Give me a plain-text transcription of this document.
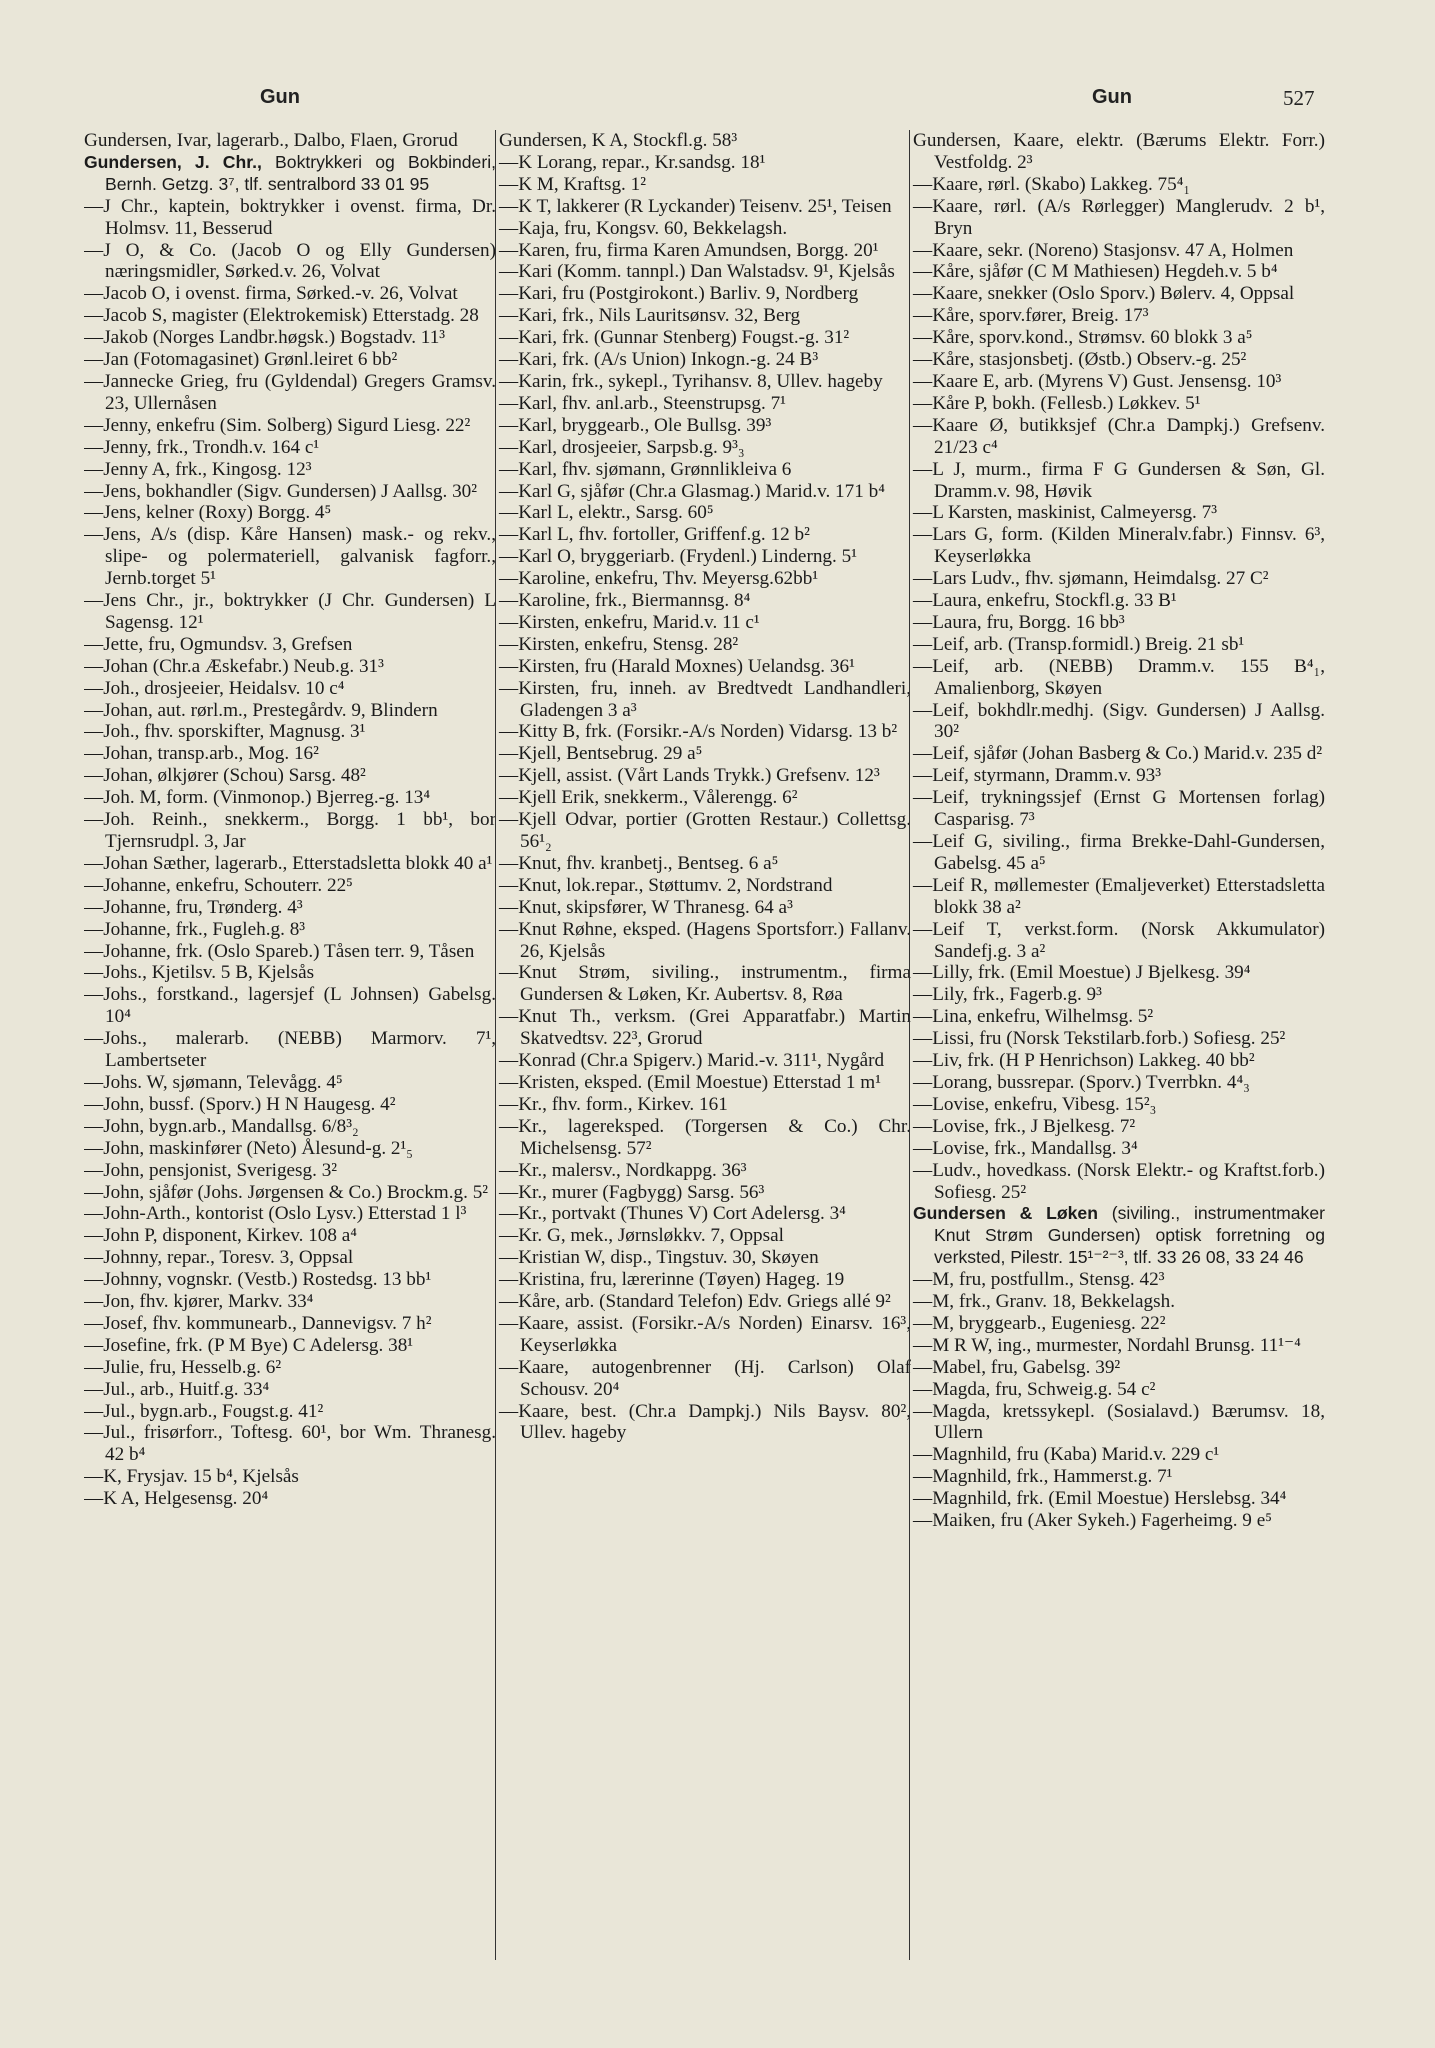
Gun	Gun	527
Gundersen, Ivar, lagerarb., Dalbo, Flaen, Grorud
Gundersen, J. Chr., Boktrykkeri og Bokbinderi, Bernh. Getzg. 3⁷, tlf. sentralbord 33 01 95
—J Chr., kaptein, boktrykker i ovenst. firma, Dr. Holmsv. 11, Besserud
—J O, & Co. (Jacob O og Elly Gundersen) næringsmidler, Sørked.v. 26, Volvat
—Jacob O, i ovenst. firma, Sørked.-v. 26, Volvat
—Jacob S, magister (Elektrokemisk) Etterstadg. 28
—Jakob (Norges Landbr.høgsk.) Bogstadv. 11³
—Jan (Fotomagasinet) Grønl.leiret 6 bb²
—Jannecke Grieg, fru (Gyldendal) Gregers Gramsv. 23, Ullernåsen
—Jenny, enkefru (Sim. Solberg) Sigurd Liesg. 22²
—Jenny, frk., Trondh.v. 164 c¹
—Jenny A, frk., Kingosg. 12³
—Jens, bokhandler (Sigv. Gundersen) J Aallsg. 30²
—Jens, kelner (Roxy) Borgg. 4⁵
—Jens, A/s (disp. Kåre Hansen) mask.- og rekv., slipe- og polermateriell, galvanisk fagforr., Jernb.torget 5¹
—Jens Chr., jr., boktrykker (J Chr. Gundersen) L Sagensg. 12¹
—Jette, fru, Ogmundsv. 3, Grefsen
—Johan (Chr.a Æskefabr.) Neub.g. 31³
—Joh., drosjeeier, Heidalsv. 10 c⁴
—Johan, aut. rørl.m., Prestegårdv. 9, Blindern
—Joh., fhv. sporskifter, Magnusg. 3¹
—Johan, transp.arb., Mog. 16²
—Johan, ølkjører (Schou) Sarsg. 48²
—Joh. M, form. (Vinmonop.) Bjerreg.-g. 13⁴
—Joh. Reinh., snekkerm., Borgg. 1 bb¹, bor Tjernsrudpl. 3, Jar
—Johan Sæther, lagerarb., Etterstadsletta blokk 40 a¹
—Johanne, enkefru, Schouterr. 22⁵
—Johanne, fru, Trønderg. 4³
—Johanne, frk., Fugleh.g. 8³
—Johanne, frk. (Oslo Spareb.) Tåsen terr. 9, Tåsen
—Johs., Kjetilsv. 5 B, Kjelsås
—Johs., forstkand., lagersjef (L Johnsen) Gabelsg. 10⁴
—Johs., malerarb. (NEBB) Marmorv. 7¹, Lambertseter
—Johs. W, sjømann, Televågg. 4⁵
—John, bussf. (Sporv.) H N Haugesg. 4²
—John, bygn.arb., Mandallsg. 6/8³₂
—John, maskinfører (Neto) Ålesund-g. 2¹₅
—John, pensjonist, Sverigesg. 3²
—John, sjåfør (Johs. Jørgensen & Co.) Brockm.g. 5²
—John-Arth., kontorist (Oslo Lysv.) Etterstad 1 l³
—John P, disponent, Kirkev. 108 a⁴
—Johnny, repar., Toresv. 3, Oppsal
—Johnny, vognskr. (Vestb.) Rostedsg. 13 bb¹
—Jon, fhv. kjører, Markv. 33⁴
—Josef, fhv. kommunearb., Dannevigsv. 7 h²
—Josefine, frk. (P M Bye) C Adelersg. 38¹
—Julie, fru, Hesselb.g. 6²
—Jul., arb., Huitf.g. 33⁴
—Jul., bygn.arb., Fougst.g. 41²
—Jul., frisørforr., Toftesg. 60¹, bor Wm. Thranesg. 42 b⁴
—K, Frysjav. 15 b⁴, Kjelsås
—K A, Helgesensg. 20⁴
Gundersen, K A, Stockfl.g. 58³
—K Lorang, repar., Kr.sandsg. 18¹
—K M, Kraftsg. 1²
—K T, lakkerer (R Lyckander) Teisenv. 25¹, Teisen
—Kaja, fru, Kongsv. 60, Bekkelagsh.
—Karen, fru, firma Karen Amundsen, Borgg. 20¹
—Kari (Komm. tannpl.) Dan Walstadsv. 9¹, Kjelsås
—Kari, fru (Postgirokont.) Barliv. 9, Nordberg
—Kari, frk., Nils Lauritsønsv. 32, Berg
—Kari, frk. (Gunnar Stenberg) Fougst.-g. 31²
—Kari, frk. (A/s Union) Inkogn.-g. 24 B³
—Karin, frk., sykepl., Tyrihansv. 8, Ullev. hageby
—Karl, fhv. anl.arb., Steenstrupsg. 7¹
—Karl, bryggearb., Ole Bullsg. 39³
—Karl, drosjeeier, Sarpsb.g. 9³₃
—Karl, fhv. sjømann, Grønnlikleiva 6
—Karl G, sjåfør (Chr.a Glasmag.) Marid.v. 171 b⁴
—Karl L, elektr., Sarsg. 60⁵
—Karl L, fhv. fortoller, Griffenf.g. 12 b²
—Karl O, bryggeriarb. (Frydenl.) Linderng. 5¹
—Karoline, enkefru, Thv. Meyersg.62bb¹
—Karoline, frk., Biermannsg. 8⁴
—Kirsten, enkefru, Marid.v. 11 c¹
—Kirsten, enkefru, Stensg. 28²
—Kirsten, fru (Harald Moxnes) Uelandsg. 36¹
—Kirsten, fru, inneh. av Bredtvedt Landhandleri, Gladengen 3 a³
—Kitty B, frk. (Forsikr.-A/s Norden) Vidarsg. 13 b²
—Kjell, Bentsebrug. 29 a⁵
—Kjell, assist. (Vårt Lands Trykk.) Grefsenv. 12³
—Kjell Erik, snekkerm., Vålerengg. 6²
—Kjell Odvar, portier (Grotten Restaur.) Collettsg. 56¹₂
—Knut, fhv. kranbetj., Bentseg. 6 a⁵
—Knut, lok.repar., Støttumv. 2, Nordstrand
—Knut, skipsfører, W Thranesg. 64 a³
—Knut Røhne, eksped. (Hagens Sportsforr.) Fallanv. 26, Kjelsås
—Knut Strøm, siviling., instrumentm., firma Gundersen & Løken, Kr. Aubertsv. 8, Røa
—Knut Th., verksm. (Grei Apparatfabr.) Martin Skatvedtsv. 22³, Grorud
—Konrad (Chr.a Spigerv.) Marid.-v. 311¹, Nygård
—Kristen, eksped. (Emil Moestue) Etterstad 1 m¹
—Kr., fhv. form., Kirkev. 161
—Kr., lagereksped. (Torgersen & Co.) Chr. Michelsensg. 57²
—Kr., malersv., Nordkappg. 36³
—Kr., murer (Fagbygg) Sarsg. 56³
—Kr., portvakt (Thunes V) Cort Adelersg. 3⁴
—Kr. G, mek., Jørnsløkkv. 7, Oppsal
—Kristian W, disp., Tingstuv. 30, Skøyen
—Kristina, fru, lærerinne (Tøyen) Hageg. 19
—Kåre, arb. (Standard Telefon) Edv. Griegs allé 9²
—Kaare, assist. (Forsikr.-A/s Norden) Einarsv. 16³, Keyserløkka
—Kaare, autogenbrenner (Hj. Carlson) Olaf Schousv. 20⁴
—Kaare, best. (Chr.a Dampkj.) Nils Baysv. 80², Ullev. hageby
Gundersen, Kaare, elektr. (Bærums Elektr. Forr.) Vestfoldg. 2³
—Kaare, rørl. (Skabo) Lakkeg. 75⁴₁
—Kaare, rørl. (A/s Rørlegger) Manglerudv. 2 b¹, Bryn
—Kaare, sekr. (Noreno) Stasjonsv. 47 A, Holmen
—Kåre, sjåfør (C M Mathiesen) Hegdeh.v. 5 b⁴
—Kaare, snekker (Oslo Sporv.) Bølerv. 4, Oppsal
—Kåre, sporv.fører, Breig. 17³
—Kåre, sporv.kond., Strømsv. 60 blokk 3 a⁵
—Kåre, stasjonsbetj. (Østb.) Observ.-g. 25²
—Kaare E, arb. (Myrens V) Gust. Jensensg. 10³
—Kåre P, bokh. (Fellesb.) Løkkev. 5¹
—Kaare Ø, butikksjef (Chr.a Dampkj.) Grefsenv. 21/23 c⁴
—L J, murm., firma F G Gundersen & Søn, Gl. Dramm.v. 98, Høvik
—L Karsten, maskinist, Calmeyersg. 7³
—Lars G, form. (Kilden Mineralv.fabr.) Finnsv. 6³, Keyserløkka
—Lars Ludv., fhv. sjømann, Heimdalsg. 27 C²
—Laura, enkefru, Stockfl.g. 33 B¹
—Laura, fru, Borgg. 16 bb³
—Leif, arb. (Transp.formidl.) Breig. 21 sb¹
—Leif, arb. (NEBB) Dramm.v. 155 B⁴₁, Amalienborg, Skøyen
—Leif, bokhdlr.medhj. (Sigv. Gundersen) J Aallsg. 30²
—Leif, sjåfør (Johan Basberg & Co.) Marid.v. 235 d²
—Leif, styrmann, Dramm.v. 93³
—Leif, trykningssjef (Ernst G Mortensen forlag) Casparisg. 7³
—Leif G, siviling., firma Brekke-Dahl-Gundersen, Gabelsg. 45 a⁵
—Leif R, møllemester (Emaljeverket) Etterstadsletta blokk 38 a²
—Leif T, verkst.form. (Norsk Akkumulator) Sandefj.g. 3 a²
—Lilly, frk. (Emil Moestue) J Bjelkesg. 39⁴
—Lily, frk., Fagerb.g. 9³
—Lina, enkefru, Wilhelmsg. 5²
—Lissi, fru (Norsk Tekstilarb.forb.) Sofiesg. 25²
—Liv, frk. (H P Henrichson) Lakkeg. 40 bb²
—Lorang, bussrepar. (Sporv.) Tverrbkn. 4⁴₃
—Lovise, enkefru, Vibesg. 15²₃
—Lovise, frk., J Bjelkesg. 7²
—Lovise, frk., Mandallsg. 3⁴
—Ludv., hovedkass. (Norsk Elektr.- og Kraftst.forb.) Sofiesg. 25²
Gundersen & Løken (siviling., instrumentmaker Knut Strøm Gundersen) optisk forretning og verksted, Pilestr. 15¹⁻²⁻³, tlf. 33 26 08, 33 24 46
—M, fru, postfullm., Stensg. 42³
—M, frk., Granv. 18, Bekkelagsh.
—M, bryggearb., Eugeniesg. 22²
—M R W, ing., murmester, Nordahl Brunsg. 11¹⁻⁴
—Mabel, fru, Gabelsg. 39²
—Magda, fru, Schweig.g. 54 c²
—Magda, kretssykepl. (Sosialavd.) Bærumsv. 18, Ullern
—Magnhild, fru (Kaba) Marid.v. 229 c¹
—Magnhild, frk., Hammerst.g. 7¹
—Magnhild, frk. (Emil Moestue) Herslebsg. 34⁴
—Maiken, fru (Aker Sykeh.) Fagerheimg. 9 e⁵
